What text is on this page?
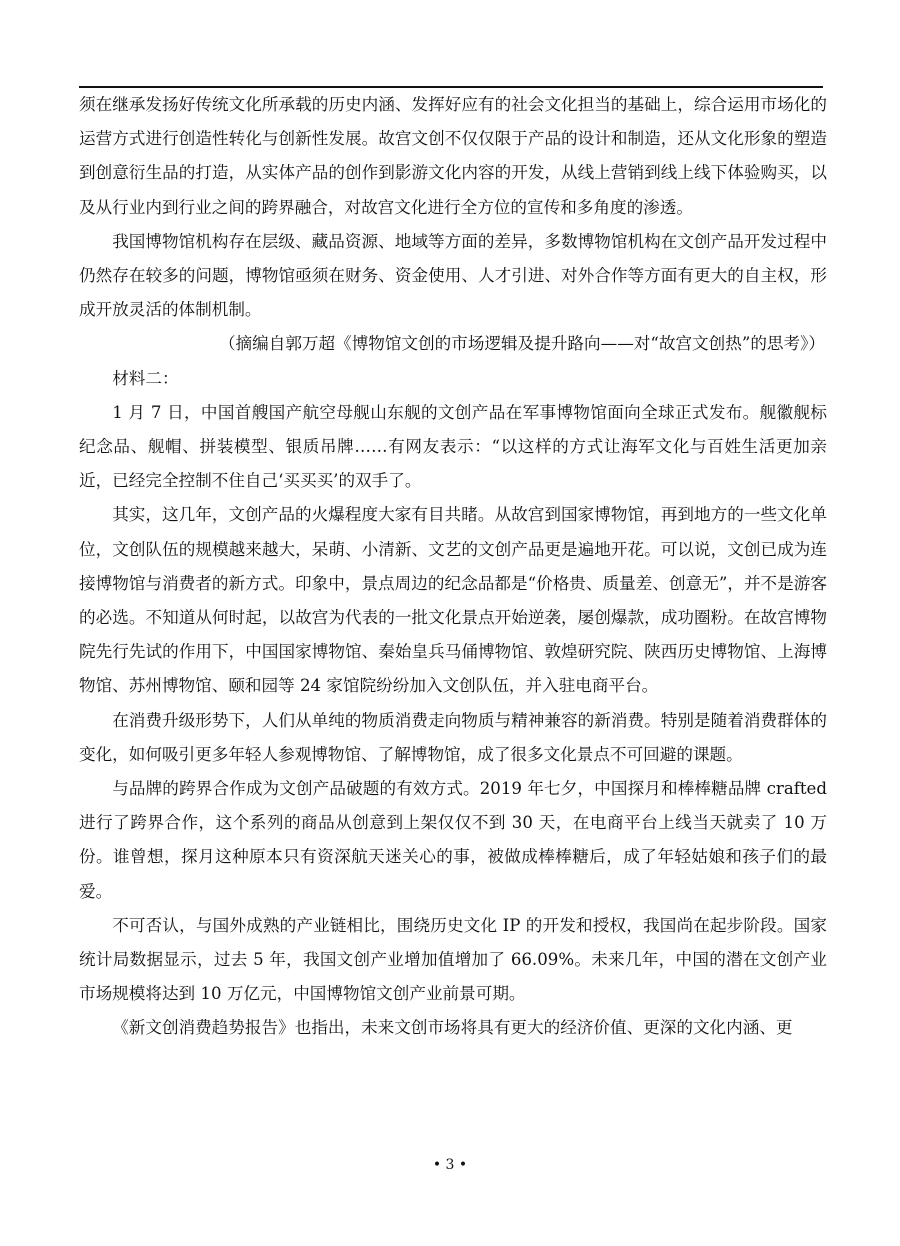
须在继承发扬好传统文化所承载的历史内涵、发挥好应有的社会文化担当的基础上，综合运用市场化的运营方式进行创造性转化与创新性发展。故宫文创不仅仅限于产品的设计和制造，还从文化形象的塑造到创意衍生品的打造，从实体产品的创作到影游文化内容的开发，从线上营销到线上线下体验购买，以及从行业内到行业之间的跨界融合，对故宫文化进行全方位的宣传和多角度的渗透。

我国博物馆机构存在层级、藏品资源、地域等方面的差异，多数博物馆机构在文创产品开发过程中仍然存在较多的问题，博物馆亟须在财务、资金使用、人才引进、对外合作等方面有更大的自主权，形成开放灵活的体制机制。

（摘编自郭万超《博物馆文创的市场逻辑及提升路向——对“故宫文创热”的思考》）

材料二：

1 月 7 日，中国首艘国产航空母舰山东舰的文创产品在军事博物馆面向全球正式发布。舰徽舰标纪念品、舰帽、拼装模型、银质吊牌……有网友表示：“以这样的方式让海军文化与百姓生活更加亲近，已经完全控制不住自己‘买买买’的双手了。

其实，这几年，文创产品的火爆程度大家有目共睹。从故宫到国家博物馆，再到地方的一些文化单位，文创队伍的规模越来越大，呆萌、小清新、文艺的文创产品更是遍地开花。可以说，文创已成为连接博物馆与消费者的新方式。印象中，景点周边的纪念品都是“价格贵、质量差、创意无”，并不是游客的必选。不知道从何时起，以故宫为代表的一批文化景点开始逆袭，屡创爆款，成功圈粉。在故宫博物院先行先试的作用下，中国国家博物馆、秦始皇兵马俑博物馆、敦煌研究院、陕西历史博物馆、上海博物馆、苏州博物馆、颐和园等 24 家馆院纷纷加入文创队伍，并入驻电商平台。

在消费升级形势下，人们从单纯的物质消费走向物质与精神兼容的新消费。特别是随着消费群体的变化，如何吸引更多年轻人参观博物馆、了解博物馆，成了很多文化景点不可回避的课题。

与品牌的跨界合作成为文创产品破题的有效方式。2019 年七夕，中国探月和棒棒糖品牌 crafted 进行了跨界合作，这个系列的商品从创意到上架仅仅不到 30 天，在电商平台上线当天就卖了 10 万份。谁曾想，探月这种原本只有资深航天迷关心的事，被做成棒棒糖后，成了年轻姑娘和孩子们的最爱。

不可否认，与国外成熟的产业链相比，围绕历史文化 IP 的开发和授权，我国尚在起步阶段。国家统计局数据显示，过去 5 年，我国文创产业增加值增加了 66.09%。未来几年，中国的潜在文创产业市场规模将达到 10 万亿元，中国博物馆文创产业前景可期。

《新文创消费趋势报告》也指出，未来文创市场将具有更大的经济价值、更深的文化内涵、更

• 3 •
